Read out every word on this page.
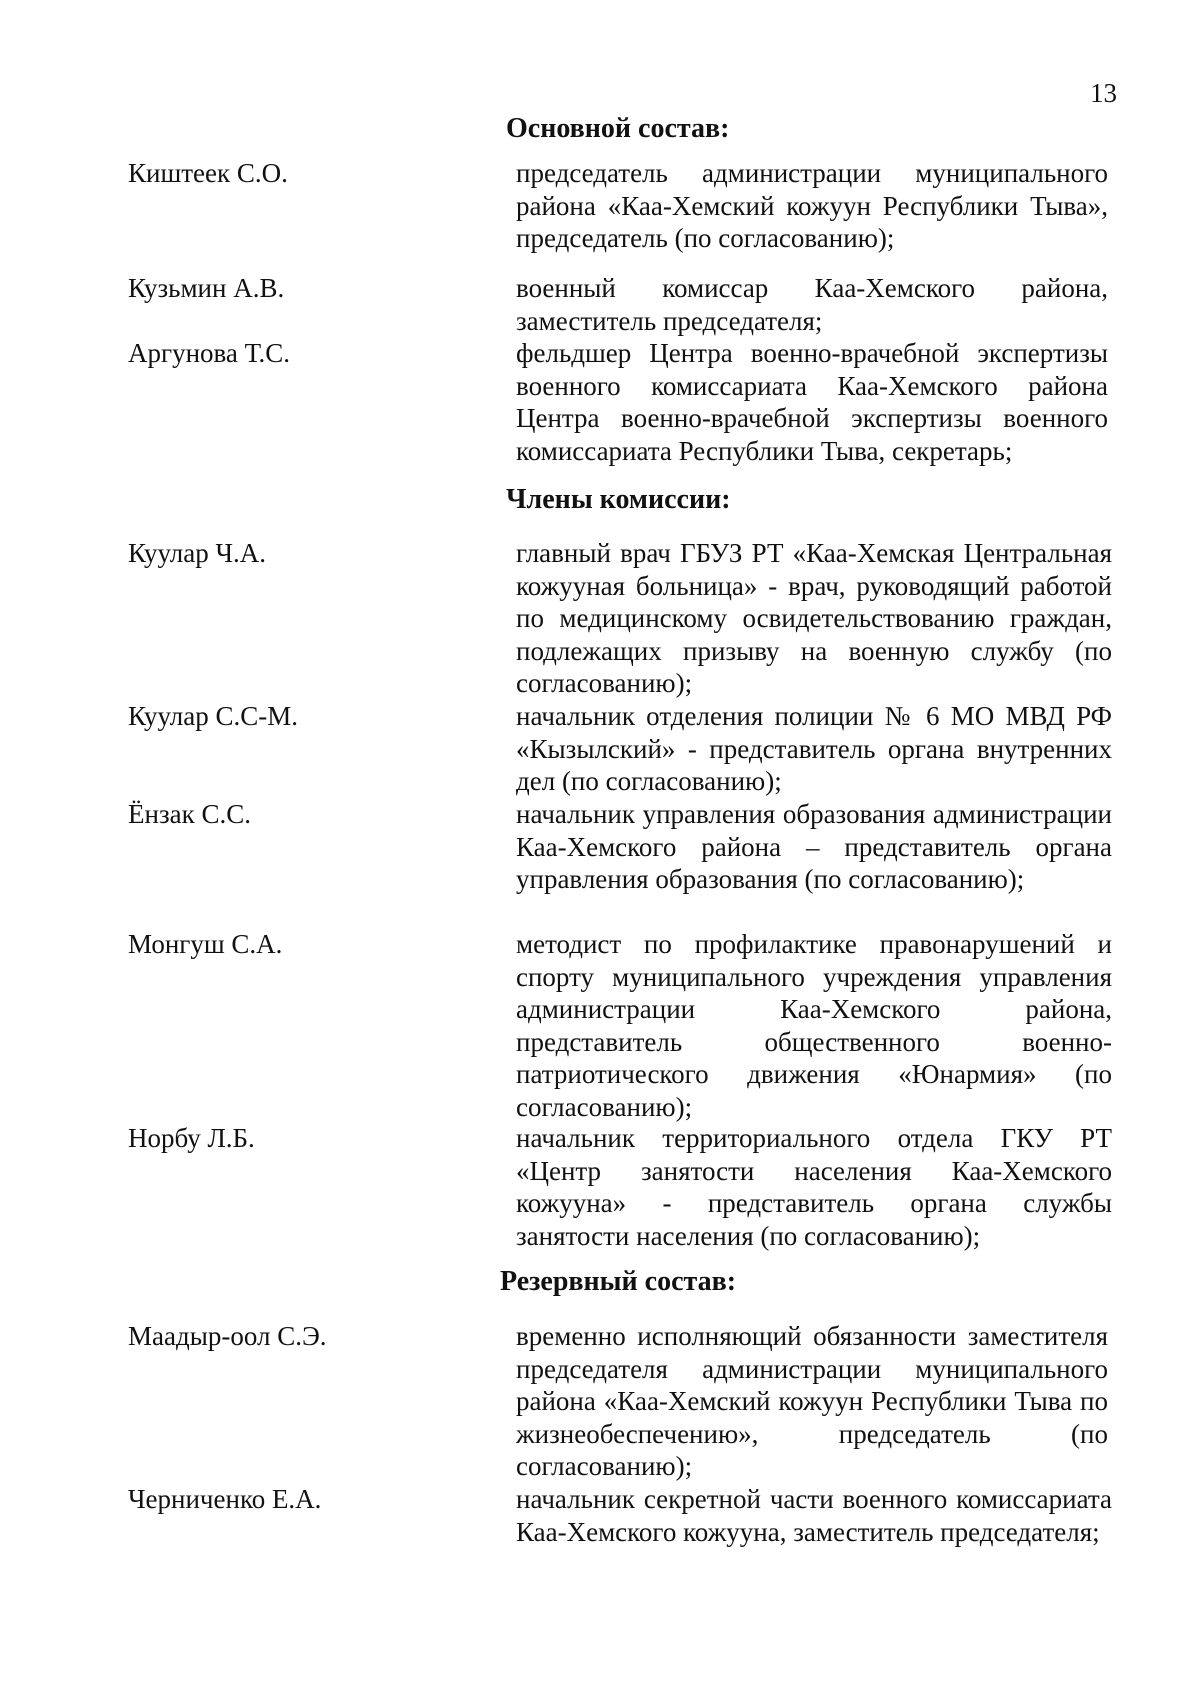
13
Основной состав:
Киштеек С.О.	председатель администрации муниципального района «Каа-Хемский кожуун Республики Тыва», председатель (по согласованию);
Кузьмин А.В.	военный комиссар Каа-Хемского района, заместитель председателя;
Аргунова Т.С.	фельдшер Центра военно-врачебной экспертизы военного комиссариата Каа-Хемского района Центра военно-врачебной экспертизы военного комиссариата Республики Тыва, секретарь;
Члены комиссии:
Куулар Ч.А.	главный врач ГБУЗ РТ «Каа-Хемская Центральная кожууная больница» - врач, руководящий работой по медицинскому освидетельствованию граждан, подлежащих призыву на военную службу (по согласованию);
Куулар С.С-М.	начальник отделения полиции № 6 МО МВД РФ «Кызылский» - представитель органа внутренних дел (по согласованию);
Ёнзак С.С.	начальник управления образования администрации Каа-Хемского района – представитель органа управления образования (по согласованию);
Монгуш С.А.	методист по профилактике правонарушений и спорту муниципального учреждения управления администрации Каа-Хемского района, представитель общественного военно-патриотического движения «Юнармия» (по согласованию);
Норбу Л.Б.	начальник территориального отдела ГКУ РТ «Центр занятости населения Каа-Хемского кожууна» - представитель органа службы занятости населения (по согласованию);
Резервный состав:
Маадыр-оол С.Э.	временно исполняющий обязанности заместителя председателя администрации муниципального района «Каа-Хемский кожуун Республики Тыва по жизнеобеспечению», председатель (по согласованию);
Черниченко Е.А.	начальник секретной части военного комиссариата Каа-Хемского кожууна, заместитель председателя;
